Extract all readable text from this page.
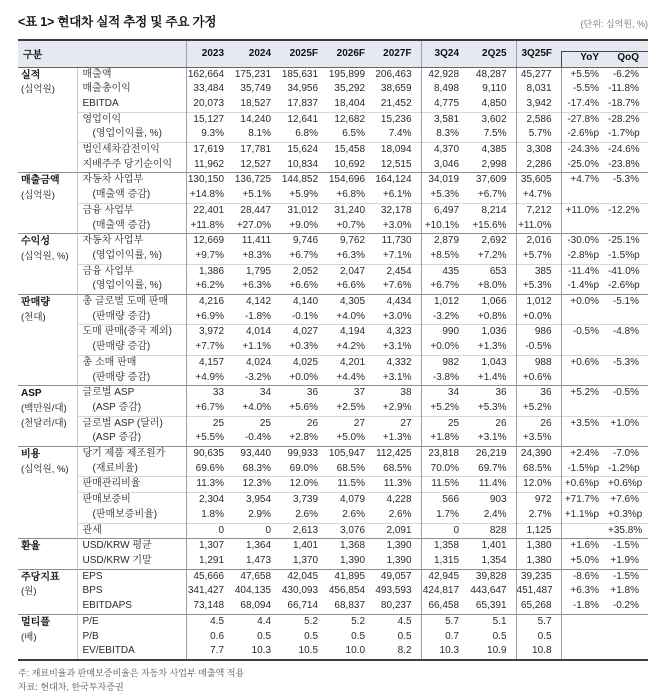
<표 1> 현대차 실적 추정 및 주요 가정	(단위: 십억원, %)
구분		2023	2024	2025F	2026F	2027F	3Q24	2Q25	3Q25F	YoY	QoQ

실적
(십억원)	매출액	162,664	175,231	185,631	195,899	206,463	42,928	48,287	45,277	+5.5%	-6.2%
	매출총이익	33,484	35,749	34,956	35,292	38,659	8,498	9,110	8,031	-5.5%	-11.8%
	EBITDA	20,073	18,527	17,837	18,404	21,452	4,775	4,850	3,942	-17.4%	-18.7%
	영업이익	15,127	14,240	12,641	12,682	15,236	3,581	3,602	2,586	-27.8%	-28.2%
	(영업이익률, %)	9.3%	8.1%	6.8%	6.5%	7.4%	8.3%	7.5%	5.7%	-2.6%p	-1.7%p
	법인세차감전이익	17,619	17,781	15,624	15,458	18,094	4,370	4,385	3,308	-24.3%	-24.6%
	지배주주 당기순이익	11,962	12,527	10,834	10,692	12,515	3,046	2,998	2,286	-25.0%	-23.8%

매출금액
(십억원)	자동차 사업부	130,150	136,725	144,852	154,696	164,124	34,019	37,609	35,605	+4.7%	-5.3%
	(매출액 증감)	+14.8%	+5.1%	+5.9%	+6.8%	+6.1%	+5.3%	+6.7%	+4.7%		
	금융 사업부	22,401	28,447	31,012	31,240	32,178	6,497	8,214	7,212	+11.0%	-12.2%
	(매출액 증감)	+11.8%	+27.0%	+9.0%	+0.7%	+3.0%	+10.1%	+15.6%	+11.0%		

수익성
(십억원, %)	자동차 사업부	12,669	11,411	9,746	9,762	11,730	2,879	2,692	2,016	-30.0%	-25.1%
	(영업이익률, %)	+9.7%	+8.3%	+6.7%	+6.3%	+7.1%	+8.5%	+7.2%	+5.7%	-2.8%p	-1.5%p
	금융 사업부	1,386	1,795	2,052	2,047	2,454	435	653	385	-11.4%	-41.0%
	(영업이익률, %)	+6.2%	+6.3%	+6.6%	+6.6%	+7.6%	+6.7%	+8.0%	+5.3%	-1.4%p	-2.6%p

판매량
(천대)	총 글로벌 도매 판매	4,216	4,142	4,140	4,305	4,434	1,012	1,066	1,012	+0.0%	-5.1%
	(판매량 증감)	+6.9%	-1.8%	-0.1%	+4.0%	+3.0%	-3.2%	+0.8%	+0.0%		
	도매 판매(중국 제외)	3,972	4,014	4,027	4,194	4,323	990	1,036	986	-0.5%	-4.8%
	(판매량 증감)	+7.7%	+1.1%	+0.3%	+4.2%	+3.1%	+0.0%	+1.3%	-0.5%		
	총 소매 판매	4,157	4,024	4,025	4,201	4,332	982	1,043	988	+0.6%	-5.3%
	(판매량 증감)	+4.9%	-3.2%	+0.0%	+4.4%	+3.1%	-3.8%	+1.4%	+0.6%		

ASP
(백만원/대)
(천달러/대)	글로벌 ASP	33	34	36	37	38	34	36	36	+5.2%	-0.5%
	(ASP 증감)	+6.7%	+4.0%	+5.6%	+2.5%	+2.9%	+5.2%	+5.3%	+5.2%		
	글로벌 ASP (달러)	25	25	26	27	27	25	26	26	+3.5%	+1.0%
	(ASP 증감)	+5.5%	-0.4%	+2.8%	+5.0%	+1.3%	+1.8%	+3.1%	+3.5%		

비용
(십억원, %)	당기 제품 제조원가	90,635	93,440	99,933	105,947	112,425	23,818	26,219	24,390	+2.4%	-7.0%
	(재료비율)	69.6%	68.3%	69.0%	68.5%	68.5%	70.0%	69.7%	68.5%	-1.5%p	-1.2%p
	판매관리비율	11.3%	12.3%	12.0%	11.5%	11.3%	11.5%	11.4%	12.0%	+0.6%p	+0.6%p
	판매보증비	2,304	3,954	3,739	4,079	4,228	566	903	972	+71.7%	+7.6%
	(판매보증비율)	1.8%	2.9%	2.6%	2.6%	2.6%	1.7%	2.4%	2.7%	+1.1%p	+0.3%p
	관세	0	0	2,613	3,076	2,091	0	828	1,125		+35.8%

환율	USD/KRW 평균	1,307	1,364	1,401	1,368	1,390	1,358	1,401	1,380	+1.6%	-1.5%
	USD/KRW 기말	1,291	1,473	1,370	1,390	1,390	1,315	1,354	1,380	+5.0%	+1.9%

주당지표
(원)	EPS	45,666	47,658	42,045	41,895	49,057	42,945	39,828	39,235	-8.6%	-1.5%
	BPS	341,427	404,135	430,093	456,854	493,593	424,817	443,647	451,487	+6.3%	+1.8%
	EBITDAPS	73,148	68,094	66,714	68,837	80,237	66,458	65,391	65,268	-1.8%	-0.2%

멀티플
(배)	P/E	4.5	4.4	5.2	5.2	4.5	5.7	5.1	5.7		
	P/B	0.6	0.5	0.5	0.5	0.5	0.7	0.5	0.5		
	EV/EBITDA	7.7	10.3	10.5	10.0	8.2	10.3	10.9	10.8		
주: 재료비율과 판매보증비율은 자동차 사업부 매출액 적용
자료: 현대차, 한국투자증권
